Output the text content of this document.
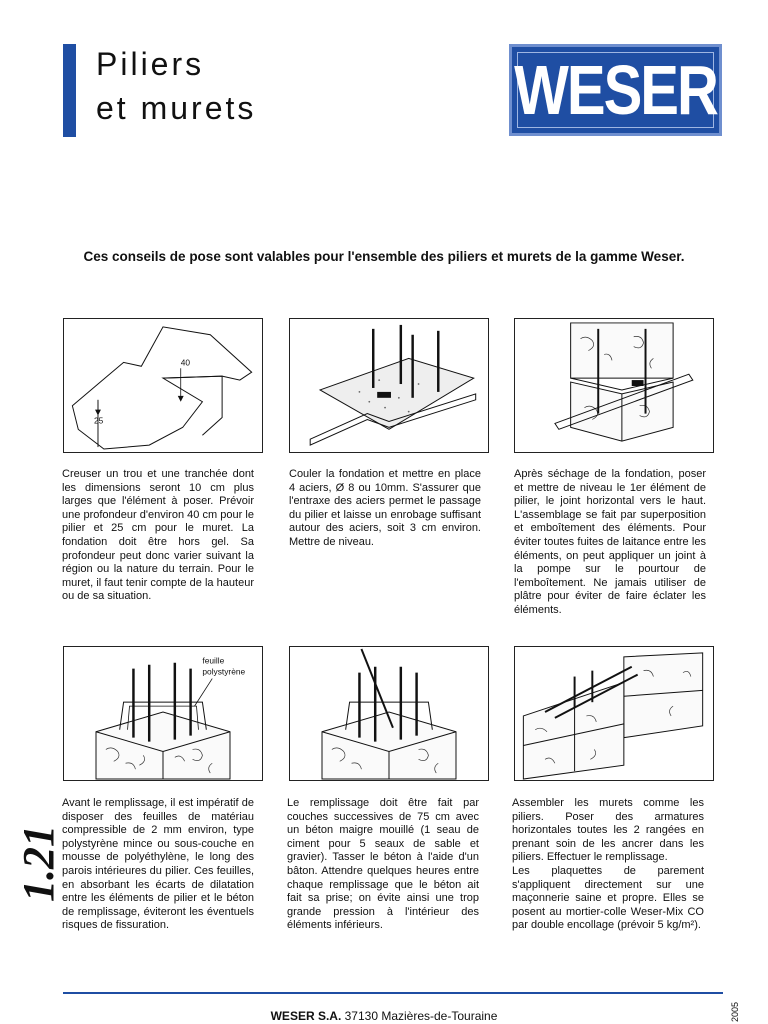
Piliers
et murets	WESER
Ces conseils de pose sont valables pour l'ensemble des piliers et murets de la gamme Weser.
40
25
Creuser un trou et une tranchée dont les dimensions seront 10 cm plus larges que l'élément à poser. Prévoir une profondeur d'environ 40 cm pour le pilier et 25 cm pour le muret. La fondation doit être hors gel. Sa profondeur peut donc varier suivant la région ou la nature du terrain. Pour le muret, il faut tenir compte de la hauteur ou de sa situation.
Couler la fondation et mettre en place 4 aciers, Ø 8 ou 10mm. S'assurer que l'entraxe des aciers permet le passage du pilier et laisse un enrobage suffisant autour des aciers, soit 3 cm environ. Mettre de niveau.
Après séchage de la fondation, poser et mettre de niveau le 1er élément de pilier, le joint horizontal vers le haut. L'assemblage se fait par superposition et emboîtement des éléments. Pour éviter toutes fuites de laitance entre les éléments, on peut appliquer un joint à la pompe sur le pourtour de l'emboîtement. Ne jamais utiliser de plâtre pour éviter de faire éclater les éléments.
feuille
polystyrène
Avant le remplissage, il est impératif de disposer des feuilles de matériau compressible de 2 mm environ, type polystyrène mince ou sous-couche en mousse de polyéthylène, le long des parois intérieures du pilier. Ces feuilles, en absorbant les écarts de dilatation entre les éléments de pilier et le béton de remplissage, éviteront les éventuels risques de fissuration.
Le remplissage doit être fait par couches successives de 75 cm avec un béton maigre mouillé (1 seau de ciment pour 5 seaux de sable et gravier). Tasser le béton à l'aide d'un bâton. Attendre quelques heures entre chaque remplissage que le béton ait fait sa prise; on évite ainsi une trop grande pression à l'intérieur des éléments inférieurs.

Assembler les murets comme les piliers. Poser des armatures horizontales toutes les 2 rangées en prenant soin de les ancrer dans les piliers. Effectuer le remplissage.

Les plaquettes de parement s'appliquent directement sur une maçonnerie saine et propre. Elles se posent au mortier-colle Weser-Mix CO par double encollage (prévoir 5 kg/m²).

1.21
WESER S.A. 37130 Mazières-de-Touraine	2005
